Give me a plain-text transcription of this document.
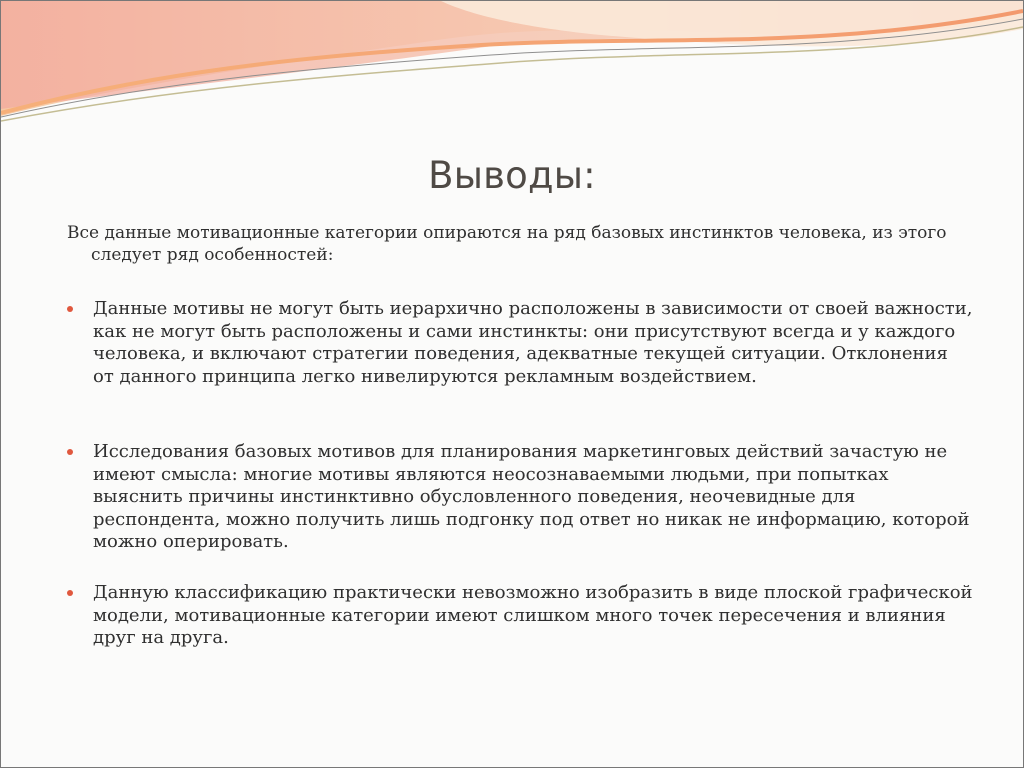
Выводы:
Все данные мотивационные категории опираются на ряд базовых инстинктов человека, из этого следует ряд особенностей:
Данные мотивы не могут быть иерархично расположены в зависимости от своей важности, как не могут быть расположены и сами инстинкты: они присутствуют всегда и у каждого человека, и включают стратегии поведения, адекватные текущей ситуации. Отклонения от данного принципа легко нивелируются рекламным воздействием.
Исследования базовых мотивов для планирования маркетинговых действий зачастую не имеют смысла: многие мотивы являются неосознаваемыми людьми, при попытках выяснить причины инстинктивно обусловленного поведения, неочевидные для респондента, можно получить лишь подгонку под ответ но никак не информацию, которой можно оперировать.
Данную классификацию практически невозможно изобразить в виде плоской графической модели, мотивационные категории имеют слишком много точек пересечения и влияния друг на друга.
